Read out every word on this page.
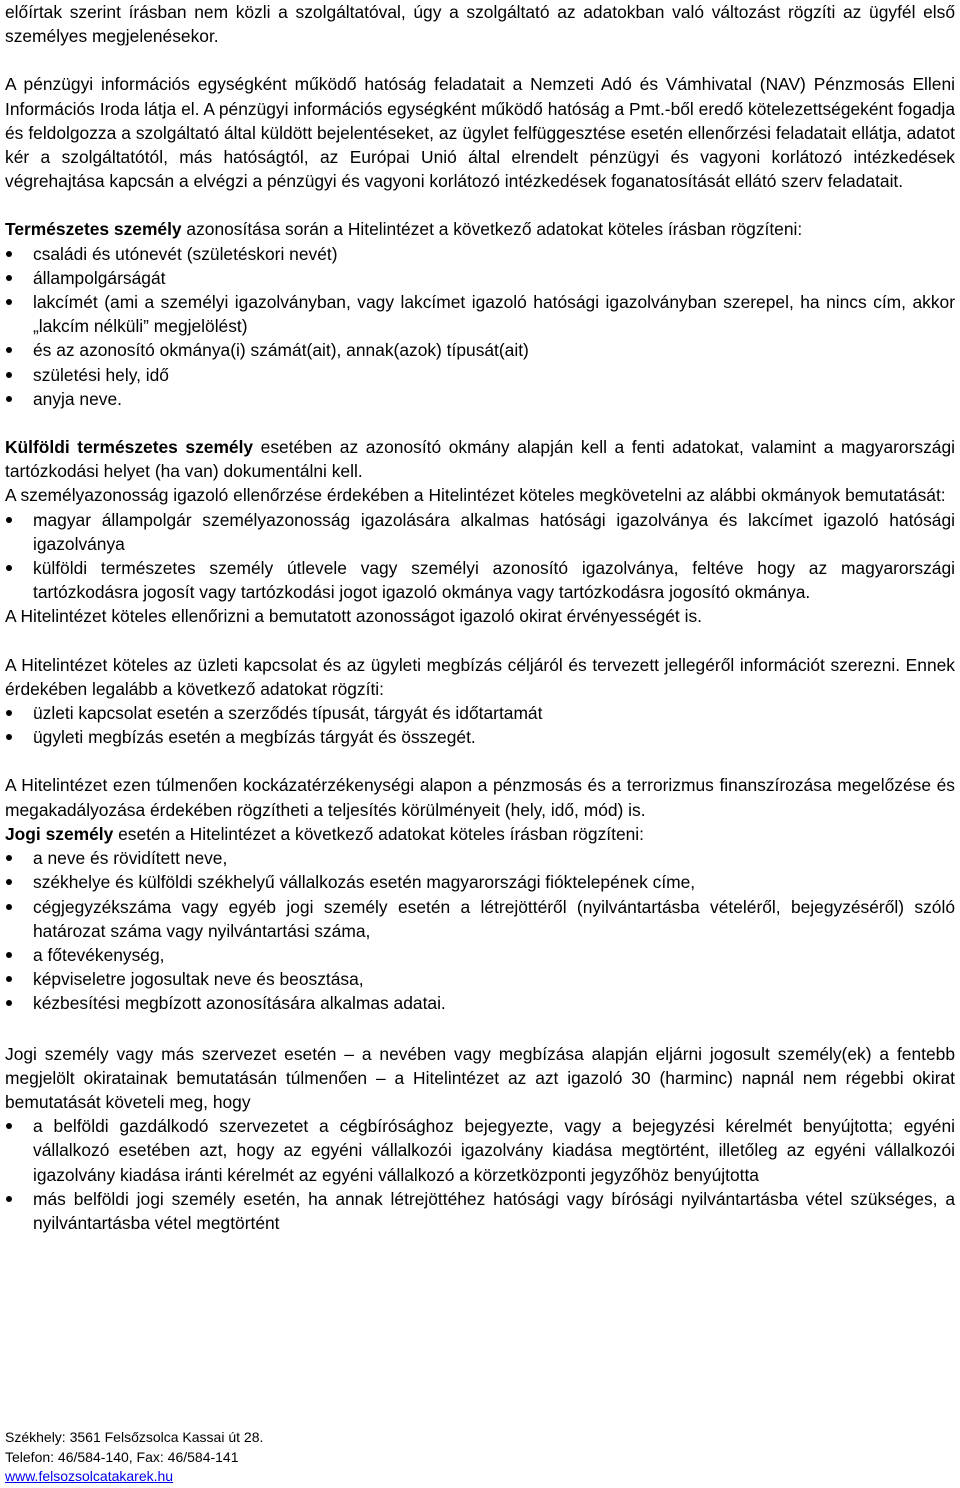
előírtak szerint írásban nem közli a szolgáltatóval, úgy a szolgáltató az adatokban való változást rögzíti az ügyfél első személyes megjelenésekor.

A pénzügyi információs egységként működő hatóság feladatait a Nemzeti Adó és Vámhivatal (NAV) Pénzmosás Elleni Információs Iroda látja el. A pénzügyi információs egységként működő hatóság a Pmt.-ből eredő kötelezettségeként fogadja és feldolgozza a szolgáltató által küldött bejelentéseket, az ügylet felfüggesztése esetén ellenőrzési feladatait ellátja, adatot kér a szolgáltatótól, más hatóságtól, az Európai Unió által elrendelt pénzügyi és vagyoni korlátozó intézkedések végrehajtása kapcsán a elvégzi a pénzügyi és vagyoni korlátozó intézkedések foganatosítását ellátó szerv feladatait.

Természetes személy azonosítása során a Hitelintézet a következő adatokat köteles írásban rögzíteni:

családi és utónevét (születéskori nevét)
állampolgárságát
lakcímét (ami a személyi igazolványban, vagy lakcímet igazoló hatósági igazolványban szerepel, ha nincs cím, akkor „lakcím nélküli” megjelölést)
és az azonosító okmánya(i) számát(ait), annak(azok) típusát(ait)
születési hely, idő
anyja neve.

Külföldi természetes személy esetében az azonosító okmány alapján kell a fenti adatokat, valamint a magyarországi tartózkodási helyet (ha van) dokumentálni kell.

A személyazonosság igazoló ellenőrzése érdekében a Hitelintézet köteles megkövetelni az alábbi okmányok bemutatását:

magyar állampolgár személyazonosság igazolására alkalmas hatósági igazolványa és lakcímet igazoló hatósági igazolványa
külföldi természetes személy útlevele vagy személyi azonosító igazolványa, feltéve hogy az magyarországi tartózkodásra jogosít vagy tartózkodási jogot igazoló okmánya vagy tartózkodásra jogosító okmánya.

A Hitelintézet köteles ellenőrizni a bemutatott azonosságot igazoló okirat érvényességét is.

A Hitelintézet köteles az üzleti kapcsolat és az ügyleti megbízás céljáról és tervezett jellegéről információt szerezni. Ennek érdekében legalább a következő adatokat rögzíti:

üzleti kapcsolat esetén a szerződés típusát, tárgyát és időtartamát
ügyleti megbízás esetén a megbízás tárgyát és összegét.

A Hitelintézet ezen túlmenően kockázatérzékenységi alapon a pénzmosás és a terrorizmus finanszírozása megelőzése és megakadályozása érdekében rögzítheti a teljesítés körülményeit (hely, idő, mód) is.

Jogi személy esetén a Hitelintézet a következő adatokat köteles írásban rögzíteni:

a neve és rövidített neve,
székhelye és külföldi székhelyű vállalkozás esetén magyarországi fióktelepének címe,
cégjegyzékszáma vagy egyéb jogi személy esetén a létrejöttéről (nyilvántartásba vételéről, bejegyzéséről) szóló határozat száma vagy nyilvántartási száma,
a főtevékenység,
képviseletre jogosultak neve és beosztása,
kézbesítési megbízott azonosítására alkalmas adatai.

Jogi személy vagy más szervezet esetén – a nevében vagy megbízása alapján eljárni jogosult személy(ek) a fentebb megjelölt okiratainak bemutatásán túlmenően – a Hitelintézet az azt igazoló 30 (harminc) napnál nem régebbi okirat bemutatását követeli meg, hogy

a belföldi gazdálkodó szervezetet a cégbírósághoz bejegyezte, vagy a bejegyzési kérelmét benyújtotta; egyéni vállalkozó esetében azt, hogy az egyéni vállalkozói igazolvány kiadása megtörtént, illetőleg az egyéni vállalkozói igazolvány kiadása iránti kérelmét az egyéni vállalkozó a körzetközponti jegyzőhöz benyújtotta
más belföldi jogi személy esetén, ha annak létrejöttéhez hatósági vagy bírósági nyilvántartásba vétel szükséges, a nyilvántartásba vétel megtörtént
Székhely: 3561 Felsőzsolca Kassai út 28.
Telefon: 46/584-140, Fax: 46/584-141
www.felsozsolcatakarek.hu
